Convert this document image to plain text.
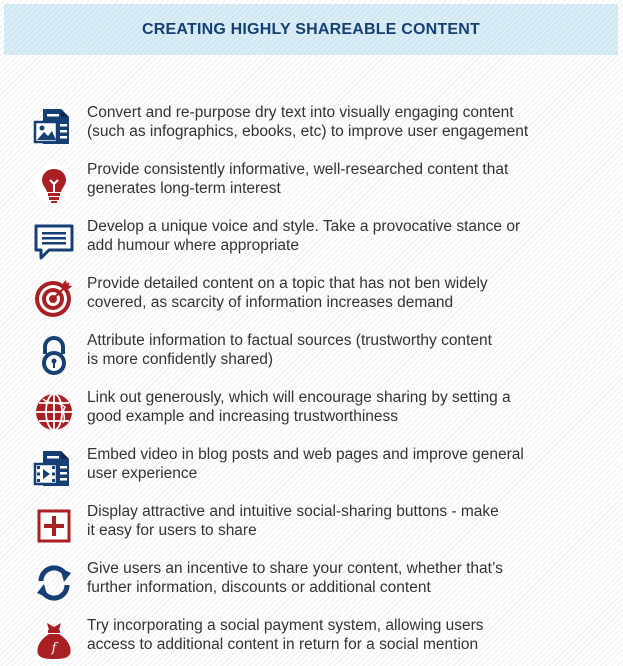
CREATING HIGHLY SHAREABLE CONTENT
Convert and re-purpose dry text into visually engaging content
(such as infographics, ebooks, etc) to improve user engagement
Provide consistently informative, well-researched content that
generates long-term interest
Develop a unique voice and style. Take a provocative stance or
add humour where appropriate
Provide detailed content on a topic that has not ben widely
covered, as scarcity of information increases demand
Attribute information to factual sources (trustworthy content
is more confidently shared)
Link out generously, which will encourage sharing by setting a
good example and increasing trustworthiness
Embed video in blog posts and web pages and improve general
user experience
Display attractive and intuitive social-sharing buttons - make
it easy for users to share
Give users an incentive to share your content, whether that’s
further information, discounts or additional content
f
Try incorporating a social payment system, allowing users
access to additional content in return for a social mention
